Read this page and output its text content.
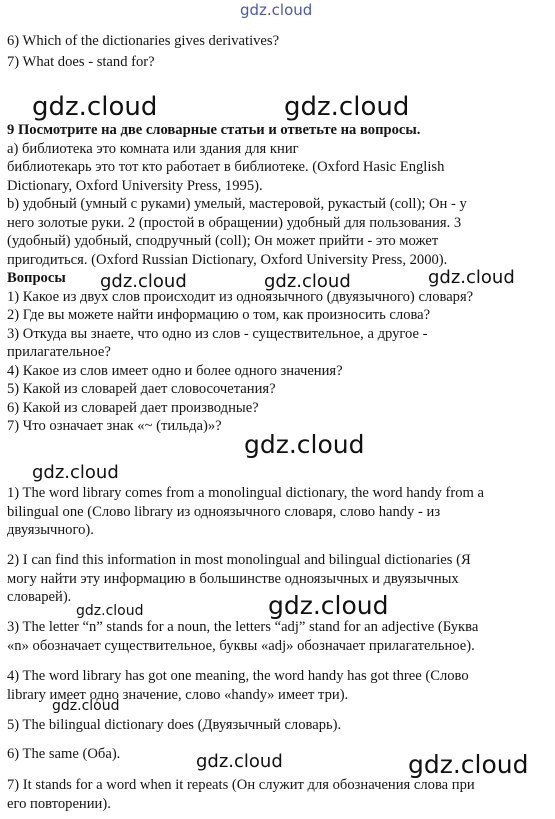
gdz.cloud
gdz.cloud	gdz.cloud
gdz.cloud	gdz.cloud	gdz.cloud
gdz.cloud
gdz.cloud
gdz.cloud
gdz.cloud
gdz.cloud
gdz.cloud	gdz.cloud

6) Which of the dictionaries gives derivatives?

7) What does - stand for?

9 Посмотрите на две словарные статьи и ответьте на вопросы.

а) библиотека это комната или здания для книг

библиотекарь это тот кто работает в библиотеке. (Oxford Hasic English

Dictionary, Oxford University Press, 1995).

b) удобный (умный с руками) умелый, мастеровой, рукастый (coll); Он - у

него золотые руки. 2 (простой в обращении) удобный для пользования. 3

(удобный) удобный, сподручный (coll); Он может прийти - это может

пригодиться. (Oxford Russian Dictionary, Oxford University Press, 2000).

Вопросы

1) Какое из двух слов происходит из одноязычного (двуязычного) словаря?

2) Где вы можете найти информацию о том, как произносить слова?

3) Откуда вы знаете, что одно из слов - существительное, а другое -

прилагательное?

4) Какое из слов имеет одно и более одного значения?

5) Какой из словарей дает словосочетания?

6) Какой из словарей дает производные?

7) Что означает знак «~ (тильда)»?

1) The word library comes from a monolingual dictionary, the word handy from a

bilingual one (Слово library из одноязычного словаря, слово handy - из

двуязычного).

2) I can find this information in most monolingual and bilingual dictionaries (Я

могу найти эту информацию в большинстве одноязычных и двуязычных

словарей).

3) The letter “n” stands for a noun, the letters “adj” stand for an adjective (Буква

«n» обозначает существительное, буквы «adj» обозначает прилагательное).

4) The word library has got one meaning, the word handy has got three (Слово

library имеет одно значение, слово «handy» имеет три).

5) The bilingual dictionary does (Двуязычный словарь).

6) The same (Оба).

7) It stands for a word when it repeats (Он служит для обозначения слова при

его повторении).
